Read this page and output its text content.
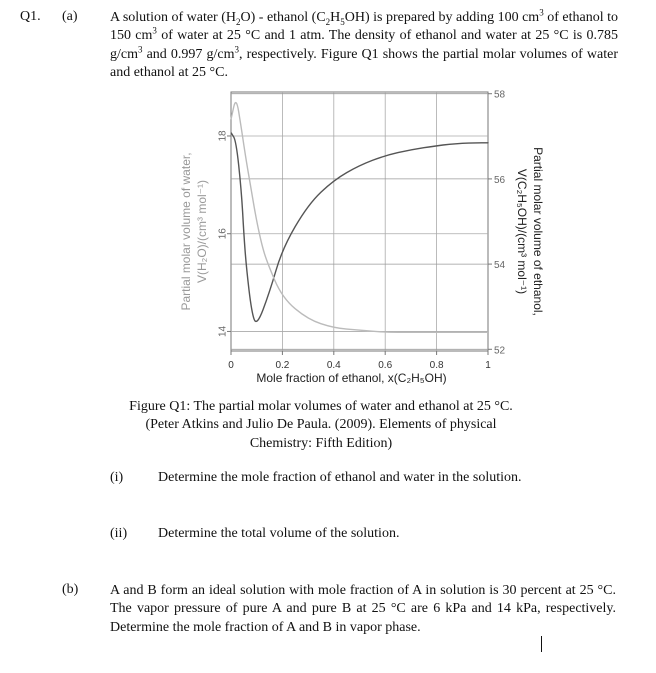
Q1. (a) A solution of water $(H_2O)$ - ethanol $(C_2H_5OH)$ is prepared by adding 100 $cm^3$ of ethanol to 150 $cm^3$ of water at 25 °C and 1 atm. The density of ethanol and water at 25 °C is 0.785 $g/cm^3$ and 0.997 $g/cm^3$, respectively. Figure Q1 shows the partial molar volumes of water and ethanol at 25 °C.
0	0.2	0.4	0.6	0.8	1
14
16
18
52
54
56
58
Mole fraction of ethanol, x(C₂H₅OH)
Partial molar volume of water, V(H₂O)/(cm³ mol⁻¹)	Partial molar volume of ethanol,
V(C₂H₅OH)/(cm³ mol⁻¹)
Figure Q1: The partial molar volumes of water and ethanol at 25 °C. (Peter Atkins and Julio De Paula. (2009). Elements of physical Chemistry: Fifth Edition)
(i) Determine the mole fraction of ethanol and water in the solution.
(ii) Determine the total volume of the solution.
(b) A and B form an ideal solution with mole fraction of A in solution is 30 percent at 25 °C. The vapor pressure of pure A and pure B at 25 °C are 6 kPa and 14 kPa, respectively. Determine the mole fraction of A and B in vapor phase.
